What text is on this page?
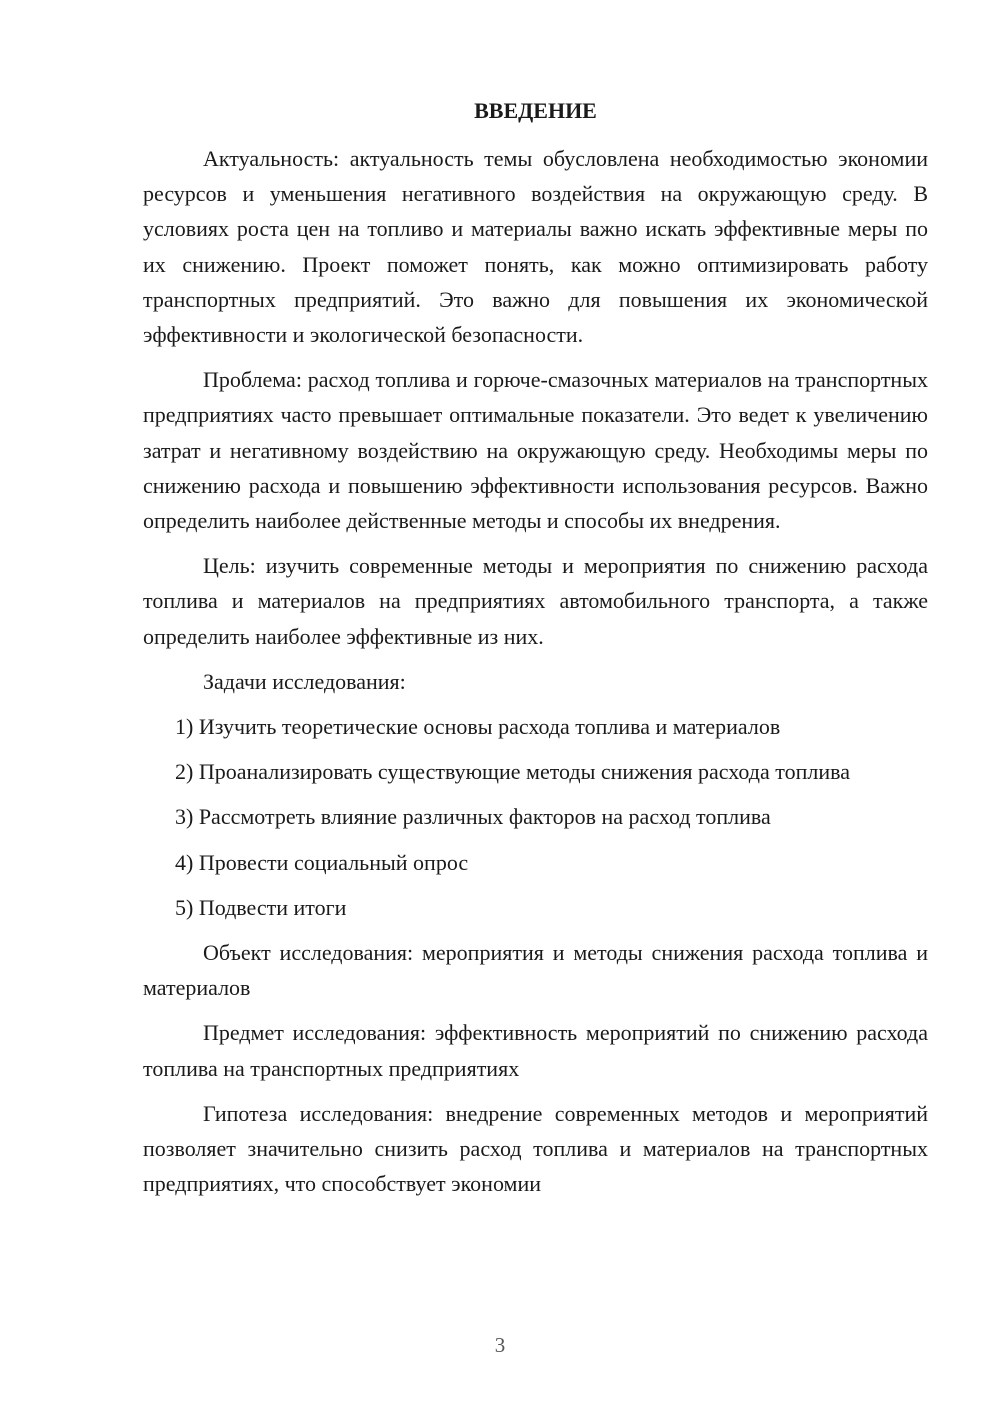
ВВЕДЕНИЕ

Актуальность: актуальность темы обусловлена необходимостью экономии ресурсов и уменьшения негативного воздействия на окружающую среду. В условиях роста цен на топливо и материалы важно искать эффективные меры по их снижению. Проект поможет понять, как можно оптимизировать работу транспортных предприятий. Это важно для повышения их экономической эффективности и экологической безопасности.

Проблема: расход топлива и горюче-смазочных материалов на транспортных предприятиях часто превышает оптимальные показатели. Это ведет к увеличению затрат и негативному воздействию на окружающую среду. Необходимы меры по снижению расхода и повышению эффективности использования ресурсов. Важно определить наиболее действенные методы и способы их внедрения.

Цель: изучить современные методы и мероприятия по снижению расхода топлива и материалов на предприятиях автомобильного транспорта, а также определить наиболее эффективные из них.

Задачи исследования:

1) Изучить теоретические основы расхода топлива и материалов

2) Проанализировать существующие методы снижения расхода топлива

3) Рассмотреть влияние различных факторов на расход топлива

4) Провести социальный опрос

5) Подвести итоги

Объект исследования: мероприятия и методы снижения расхода топлива и материалов

Предмет исследования: эффективность мероприятий по снижению расхода топлива на транспортных предприятиях

Гипотеза исследования: внедрение современных методов и мероприятий позволяет значительно снизить расход топлива и материалов на транспортных предприятиях, что способствует экономии

3
